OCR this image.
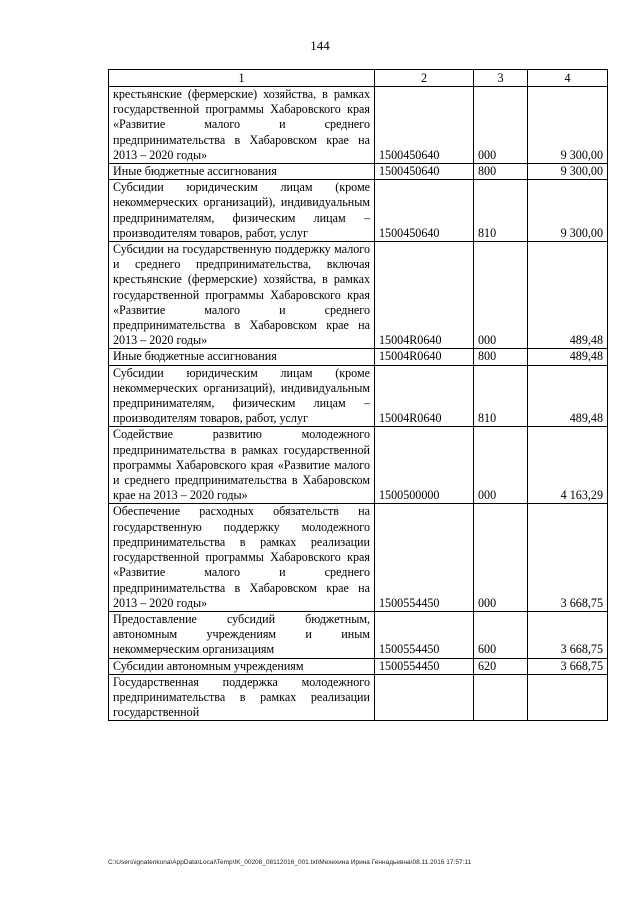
144
1	2	3	4
крестьянские (фермерские) хозяйства, в рамках государственной программы Хабаровского края «Развитие малого и среднего предпринимательства в Хабаровском крае на 2013 – 2020 годы»	1500450640	000	9 300,00
Иные бюджетные ассигнования	1500450640	800	9 300,00
Субсидии юридическим лицам (кроме некоммерческих организаций), индивидуальным предпринимателям, физическим лицам – производителям товаров, работ, услуг	1500450640	810	9 300,00
Субсидии на государственную поддержку малого и среднего предпринимательства, включая крестьянские (фермерские) хозяйства, в рамках государственной программы Хабаровского края «Развитие малого и среднего предпринимательства в Хабаровском крае на 2013 – 2020 годы»	15004R0640	000	489,48
Иные бюджетные ассигнования	15004R0640	800	489,48
Субсидии юридическим лицам (кроме некоммерческих организаций), индивидуальным предпринимателям, физическим лицам – производителям товаров, работ, услуг	15004R0640	810	489,48
Содействие развитию молодежного предпринимательства в рамках государственной программы Хабаровского края «Развитие малого и среднего предпринимательства в Хабаровском крае на 2013 – 2020 годы»	1500500000	000	4 163,29
Обеспечение расходных обязательств на государственную поддержку молодежного предпринимательства в рамках реализации государственной программы Хабаровского края «Развитие малого и среднего предпринимательства в Хабаровском крае на 2013 – 2020 годы»	1500554450	000	3 668,75
Предоставление субсидий бюджетным, автономным учреждениям и иным некоммерческим организациям	1500554450	600	3 668,75
Субсидии автономным учреждениям	1500554450	620	3 668,75
Государственная поддержка молодежного предпринимательства в рамках реализации государственной			
C:\Users\ignatenkona\AppData\Local\Temp\IK_00208_08112016_001.txt\Мехехина Ирина Геннадьевна\08.11.2016 17:57:11
